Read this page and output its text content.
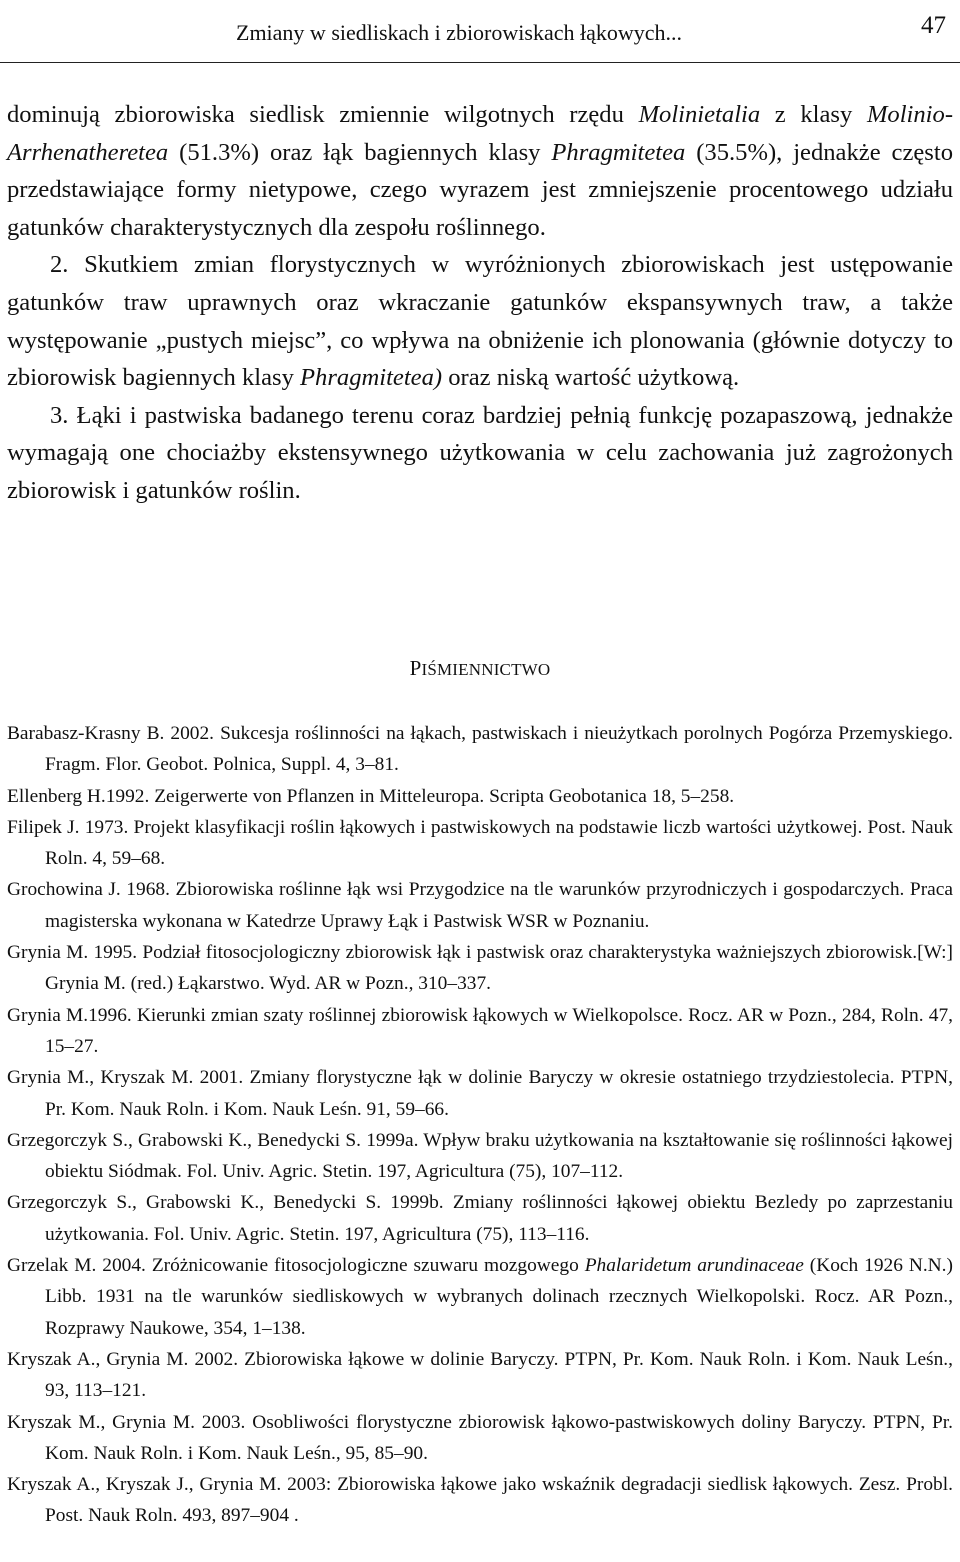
Zmiany w siedliskach i zbiorowiskach łąkowych...	47

dominują zbiorowiska siedlisk zmiennie wilgotnych rzędu Molinietalia z klasy Molinio-Arrhenatheretea (51.3%) oraz łąk bagiennych klasy Phragmitetea (35.5%), jednakże często przedstawiające formy nietypowe, czego wyrazem jest zmniejszenie procentowego udziału gatunków charakterystycznych dla zespołu roślinnego.

2. Skutkiem zmian florystycznych w wyróżnionych zbiorowiskach jest ustępowanie gatunków traw uprawnych oraz wkraczanie gatunków ekspansywnych traw, a także występowanie „pustych miejsc”, co wpływa na obniżenie ich plonowania (głównie dotyczy to zbiorowisk bagiennych klasy Phragmitetea) oraz niską wartość użytkową.

3. Łąki i pastwiska badanego terenu coraz bardziej pełnią funkcję pozapaszową, jednakże wymagają one chociażby ekstensywnego użytkowania w celu zachowania już zagrożonych zbiorowisk i gatunków roślin.

PIŚMIENNICTWO

Barabasz-Krasny B. 2002. Sukcesja roślinności na łąkach, pastwiskach i nieużytkach porolnych Pogórza Przemyskiego. Fragm. Flor. Geobot. Polnica, Suppl. 4, 3–81.

Ellenberg H.1992. Zeigerwerte von Pflanzen in Mitteleuropa. Scripta Geobotanica 18, 5–258.

Filipek J. 1973. Projekt klasyfikacji roślin łąkowych i pastwiskowych na podstawie liczb wartości użytkowej. Post. Nauk Roln. 4, 59–68.

Grochowina J. 1968. Zbiorowiska roślinne łąk wsi Przygodzice na tle warunków przyrodniczych i gospodarczych. Praca magisterska wykonana w Katedrze Uprawy Łąk i Pastwisk WSR w Poznaniu.

Grynia M. 1995. Podział fitosocjologiczny zbiorowisk łąk i pastwisk oraz charakterystyka ważniejszych zbiorowisk.[W:] Grynia M. (red.) Łąkarstwo. Wyd. AR w Pozn., 310–337.

Grynia M.1996. Kierunki zmian szaty roślinnej zbiorowisk łąkowych w Wielkopolsce. Rocz. AR w Pozn., 284, Roln. 47, 15–27.

Grynia M., Kryszak M. 2001. Zmiany florystyczne łąk w dolinie Baryczy w okresie ostatniego trzydziestolecia. PTPN, Pr. Kom. Nauk Roln. i Kom. Nauk Leśn. 91, 59–66.

Grzegorczyk S., Grabowski K., Benedycki S. 1999a. Wpływ braku użytkowania na kształtowanie się roślinności łąkowej obiektu Siódmak. Fol. Univ. Agric. Stetin. 197, Agricultura (75), 107–112.

Grzegorczyk S., Grabowski K., Benedycki S. 1999b. Zmiany roślinności łąkowej obiektu Bezledy po zaprzestaniu użytkowania. Fol. Univ. Agric. Stetin. 197, Agricultura (75), 113–116.

Grzelak M. 2004. Zróżnicowanie fitosocjologiczne szuwaru mozgowego Phalaridetum arundinaceae (Koch 1926 N.N.) Libb. 1931 na tle warunków siedliskowych w wybranych dolinach rzecznych Wielkopolski. Rocz. AR Pozn., Rozprawy Naukowe, 354, 1–138.

Kryszak A., Grynia M. 2002. Zbiorowiska łąkowe w dolinie Baryczy. PTPN, Pr. Kom. Nauk Roln. i Kom. Nauk Leśn., 93, 113–121.

Kryszak M., Grynia M. 2003. Osobliwości florystyczne zbiorowisk łąkowo-pastwiskowych doliny Baryczy. PTPN, Pr. Kom. Nauk Roln. i Kom. Nauk Leśn., 95, 85–90.

Kryszak A., Kryszak J., Grynia M. 2003: Zbiorowiska łąkowe jako wskaźnik degradacji siedlisk łąkowych. Zesz. Probl. Post. Nauk Roln. 493, 897–904 .
